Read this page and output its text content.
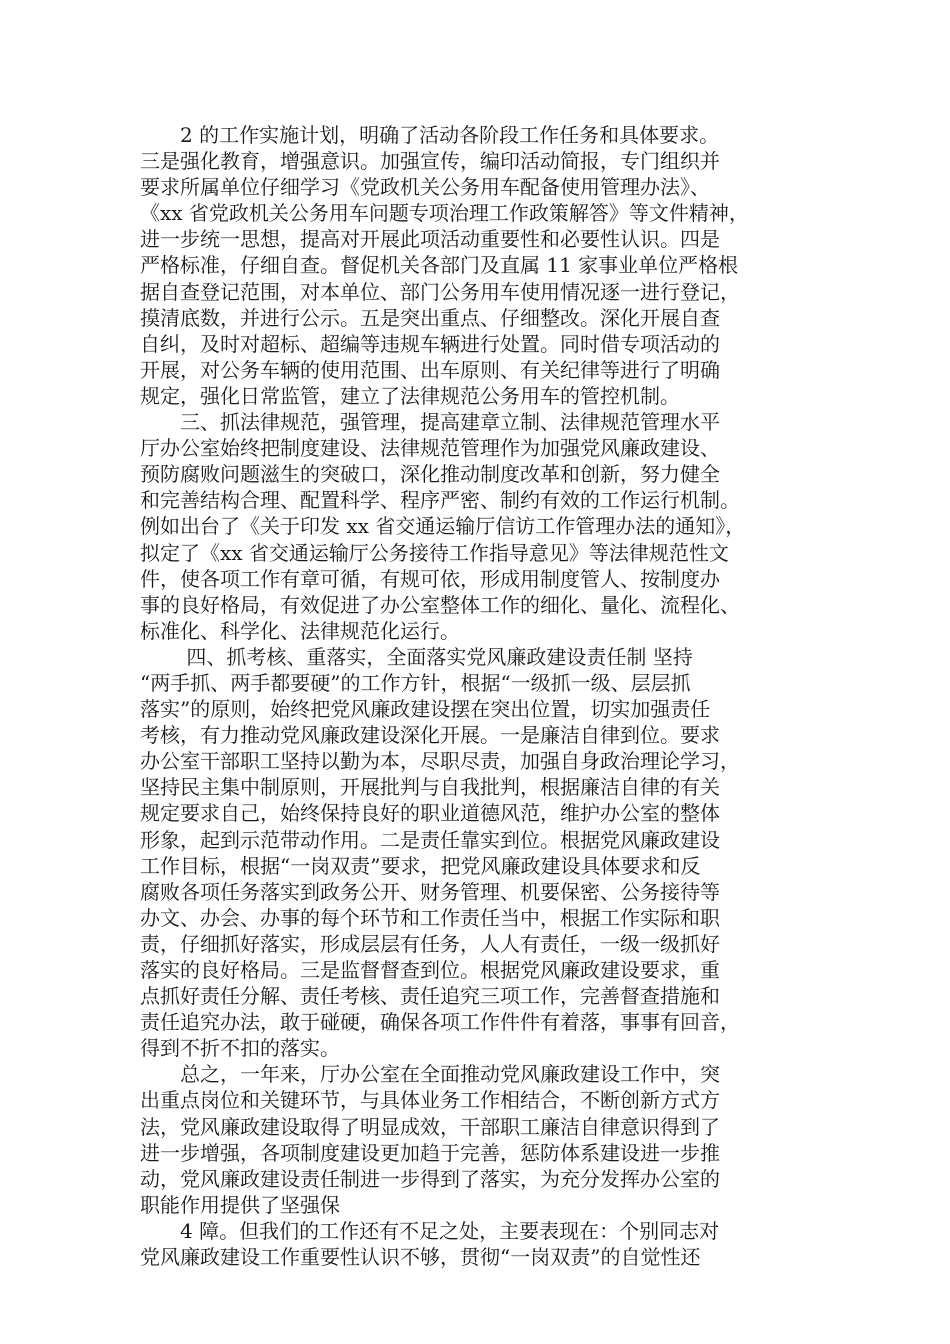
　　2 的工作实施计划，明确了活动各阶段工作任务和具体要求。
三是强化教育，增强意识。加强宣传，编印活动简报，专门组织并
要求所属单位仔细学习《党政机关公务用车配备使用管理办法》、
《xx 省党政机关公务用车问题专项治理工作政策解答》等文件精神，
进一步统一思想，提高对开展此项活动重要性和必要性认识。四是
严格标准，仔细自查。督促机关各部门及直属 11 家事业单位严格根
据自查登记范围，对本单位、部门公务用车使用情况逐一进行登记，
摸清底数，并进行公示。五是突出重点、仔细整改。深化开展自查
自纠，及时对超标、超编等违规车辆进行处置。同时借专项活动的
开展，对公务车辆的使用范围、出车原则、有关纪律等进行了明确
规定，强化日常监管，建立了法律规范公务用车的管控机制。
　　三、抓法律规范，强管理，提高建章立制、法律规范管理水平
厅办公室始终把制度建设、法律规范管理作为加强党风廉政建设、
预防腐败问题滋生的突破口，深化推动制度改革和创新，努力健全
和完善结构合理、配置科学、程序严密、制约有效的工作运行机制。
例如出台了《关于印发 xx 省交通运输厅信访工作管理办法的通知》，
拟定了《xx 省交通运输厅公务接待工作指导意见》等法律规范性文
件，使各项工作有章可循，有规可依，形成用制度管人、按制度办
事的良好格局，有效促进了办公室整体工作的细化、量化、流程化、
标准化、科学化、法律规范化运行。
　　 四、抓考核、重落实，全面落实党风廉政建设责任制 坚持
“两手抓、两手都要硬”的工作方针，根据“一级抓一级、层层抓
落实”的原则，始终把党风廉政建设摆在突出位置，切实加强责任
考核，有力推动党风廉政建设深化开展。一是廉洁自律到位。要求
办公室干部职工坚持以勤为本，尽职尽责，加强自身政治理论学习，
坚持民主集中制原则，开展批判与自我批判，根据廉洁自律的有关
规定要求自己，始终保持良好的职业道德风范，维护办公室的整体
形象，起到示范带动作用。二是责任靠实到位。根据党风廉政建设
工作目标，根据“一岗双责”要求，把党风廉政建设具体要求和反
腐败各项任务落实到政务公开、财务管理、机要保密、公务接待等
办文、办会、办事的每个环节和工作责任当中，根据工作实际和职
责，仔细抓好落实，形成层层有任务，人人有责任，一级一级抓好
落实的良好格局。三是监督督查到位。根据党风廉政建设要求，重
点抓好责任分解、责任考核、责任追究三项工作，完善督查措施和
责任追究办法，敢于碰硬，确保各项工作件件有着落，事事有回音，
得到不折不扣的落实。
　　总之，一年来，厅办公室在全面推动党风廉政建设工作中，突
出重点岗位和关键环节，与具体业务工作相结合，不断创新方式方
法，党风廉政建设取得了明显成效，干部职工廉洁自律意识得到了
进一步增强，各项制度建设更加趋于完善，惩防体系建设进一步推
动，党风廉政建设责任制进一步得到了落实，为充分发挥办公室的
职能作用提供了坚强保
　　4 障。但我们的工作还有不足之处，主要表现在：个别同志对
党风廉政建设工作重要性认识不够，贯彻“一岗双责”的自觉性还
